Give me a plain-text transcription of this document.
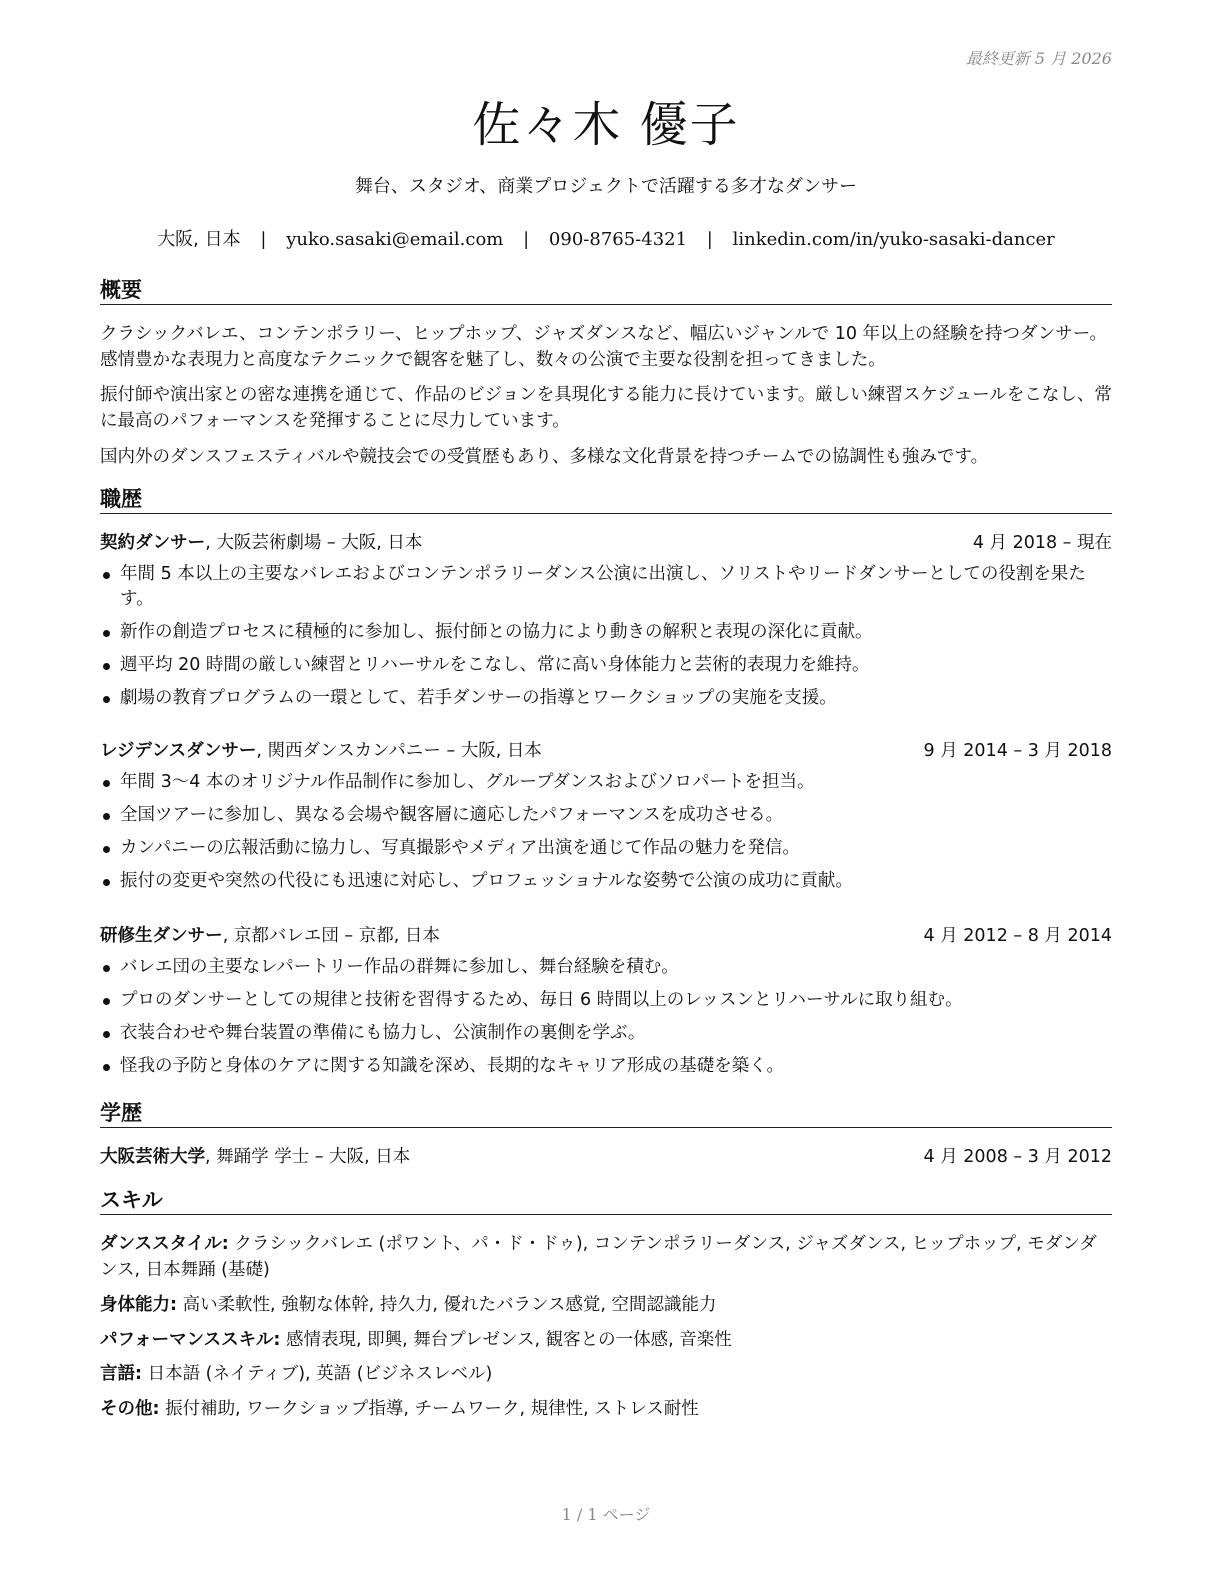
最終更新 5 月 2026
佐々木 優子
舞台、スタジオ、商業プロジェクトで活躍する多才なダンサー
大阪, 日本 | yuko.sasaki@email.com | 090-8765-4321 | linkedin.com/in/yuko-sasaki-dancer
概要

クラシックバレエ、コンテンポラリー、ヒップホップ、ジャズダンスなど、幅広いジャンルで 10 年以上の経験を持つダンサー。感情豊かな表現力と高度なテクニックで観客を魅了し、数々の公演で主要な役割を担ってきました。

振付師や演出家との密な連携を通じて、作品のビジョンを具現化する能力に長けています。厳しい練習スケジュールをこなし、常に最高のパフォーマンスを発揮することに尽力しています。

国内外のダンスフェスティバルや競技会での受賞歴もあり、多様な文化背景を持つチームでの協調性も強みです。

職歴
契約ダンサー, 大阪芸術劇場 – 大阪, 日本	4 月 2018 – 現在
年間 5 本以上の主要なバレエおよびコンテンポラリーダンス公演に出演し、ソリストやリードダンサーとしての役割を果たす。
新作の創造プロセスに積極的に参加し、振付師との協力により動きの解釈と表現の深化に貢献。
週平均 20 時間の厳しい練習とリハーサルをこなし、常に高い身体能力と芸術的表現力を維持。
劇場の教育プログラムの一環として、若手ダンサーの指導とワークショップの実施を支援。
レジデンスダンサー, 関西ダンスカンパニー – 大阪, 日本	9 月 2014 – 3 月 2018
年間 3〜4 本のオリジナル作品制作に参加し、グループダンスおよびソロパートを担当。
全国ツアーに参加し、異なる会場や観客層に適応したパフォーマンスを成功させる。
カンパニーの広報活動に協力し、写真撮影やメディア出演を通じて作品の魅力を発信。
振付の変更や突然の代役にも迅速に対応し、プロフェッショナルな姿勢で公演の成功に貢献。
研修生ダンサー, 京都バレエ団 – 京都, 日本	4 月 2012 – 8 月 2014
バレエ団の主要なレパートリー作品の群舞に参加し、舞台経験を積む。
プロのダンサーとしての規律と技術を習得するため、毎日 6 時間以上のレッスンとリハーサルに取り組む。
衣装合わせや舞台装置の準備にも協力し、公演制作の裏側を学ぶ。
怪我の予防と身体のケアに関する知識を深め、長期的なキャリア形成の基礎を築く。
学歴
大阪芸術大学, 舞踊学 学士 – 大阪, 日本	4 月 2008 – 3 月 2012
スキル

ダンススタイル: クラシックバレエ (ポワント、パ・ド・ドゥ), コンテンポラリーダンス, ジャズダンス, ヒップホップ, モダンダンス, 日本舞踊 (基礎)

身体能力: 高い柔軟性, 強靭な体幹, 持久力, 優れたバランス感覚, 空間認識能力

パフォーマンススキル: 感情表現, 即興, 舞台プレゼンス, 観客との一体感, 音楽性

言語: 日本語 (ネイティブ), 英語 (ビジネスレベル)

その他: 振付補助, ワークショップ指導, チームワーク, 規律性, ストレス耐性

1 / 1 ページ
